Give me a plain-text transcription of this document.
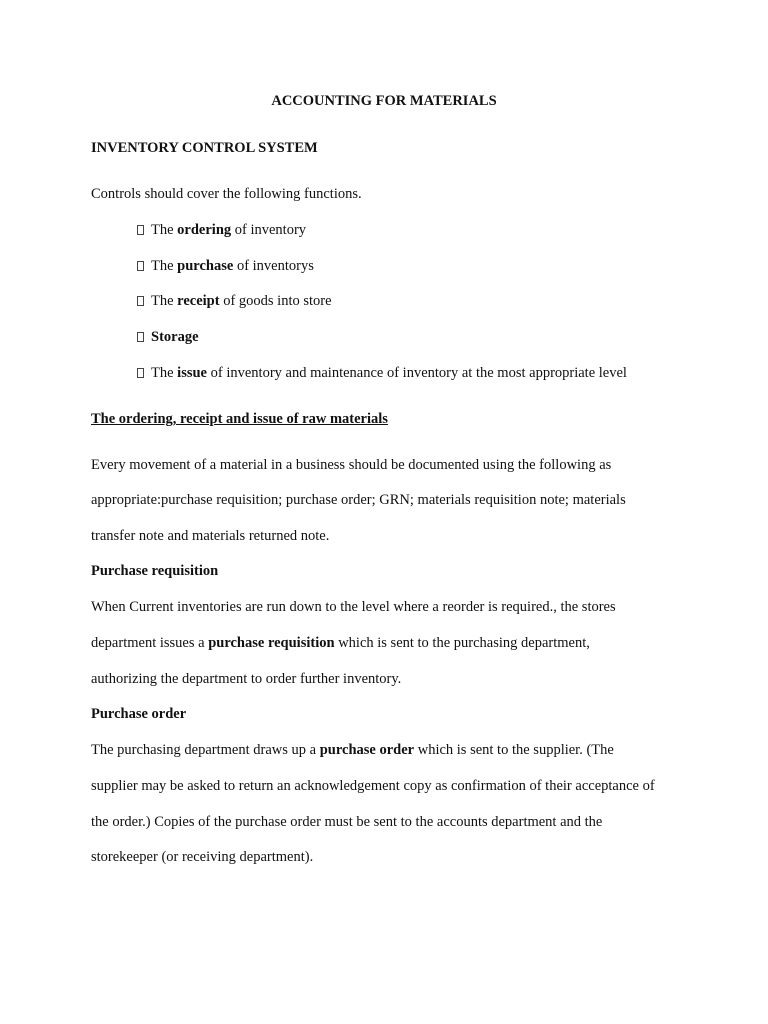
ACCOUNTING FOR MATERIALS
INVENTORY CONTROL SYSTEM
Controls should cover the following functions.
The ordering of inventory
The purchase of inventorys
The receipt of goods into store
Storage
The issue of inventory and maintenance of inventory at the most appropriate level
The ordering, receipt and issue of raw materials
Every movement of a material in a business should be documented using the following as
appropriate:purchase requisition; purchase order; GRN; materials requisition note; materials
transfer note and materials returned note.
Purchase requisition
When Current inventories are run down to the level where a reorder is required., the stores
department issues a purchase requisition which is sent to the purchasing department,
authorizing the department to order further inventory.
Purchase order
The purchasing department draws up a purchase order which is sent to the supplier. (The
supplier may be asked to return an acknowledgement copy as confirmation of their acceptance of
the order.) Copies of the purchase order must be sent to the accounts department and the
storekeeper (or receiving department).
